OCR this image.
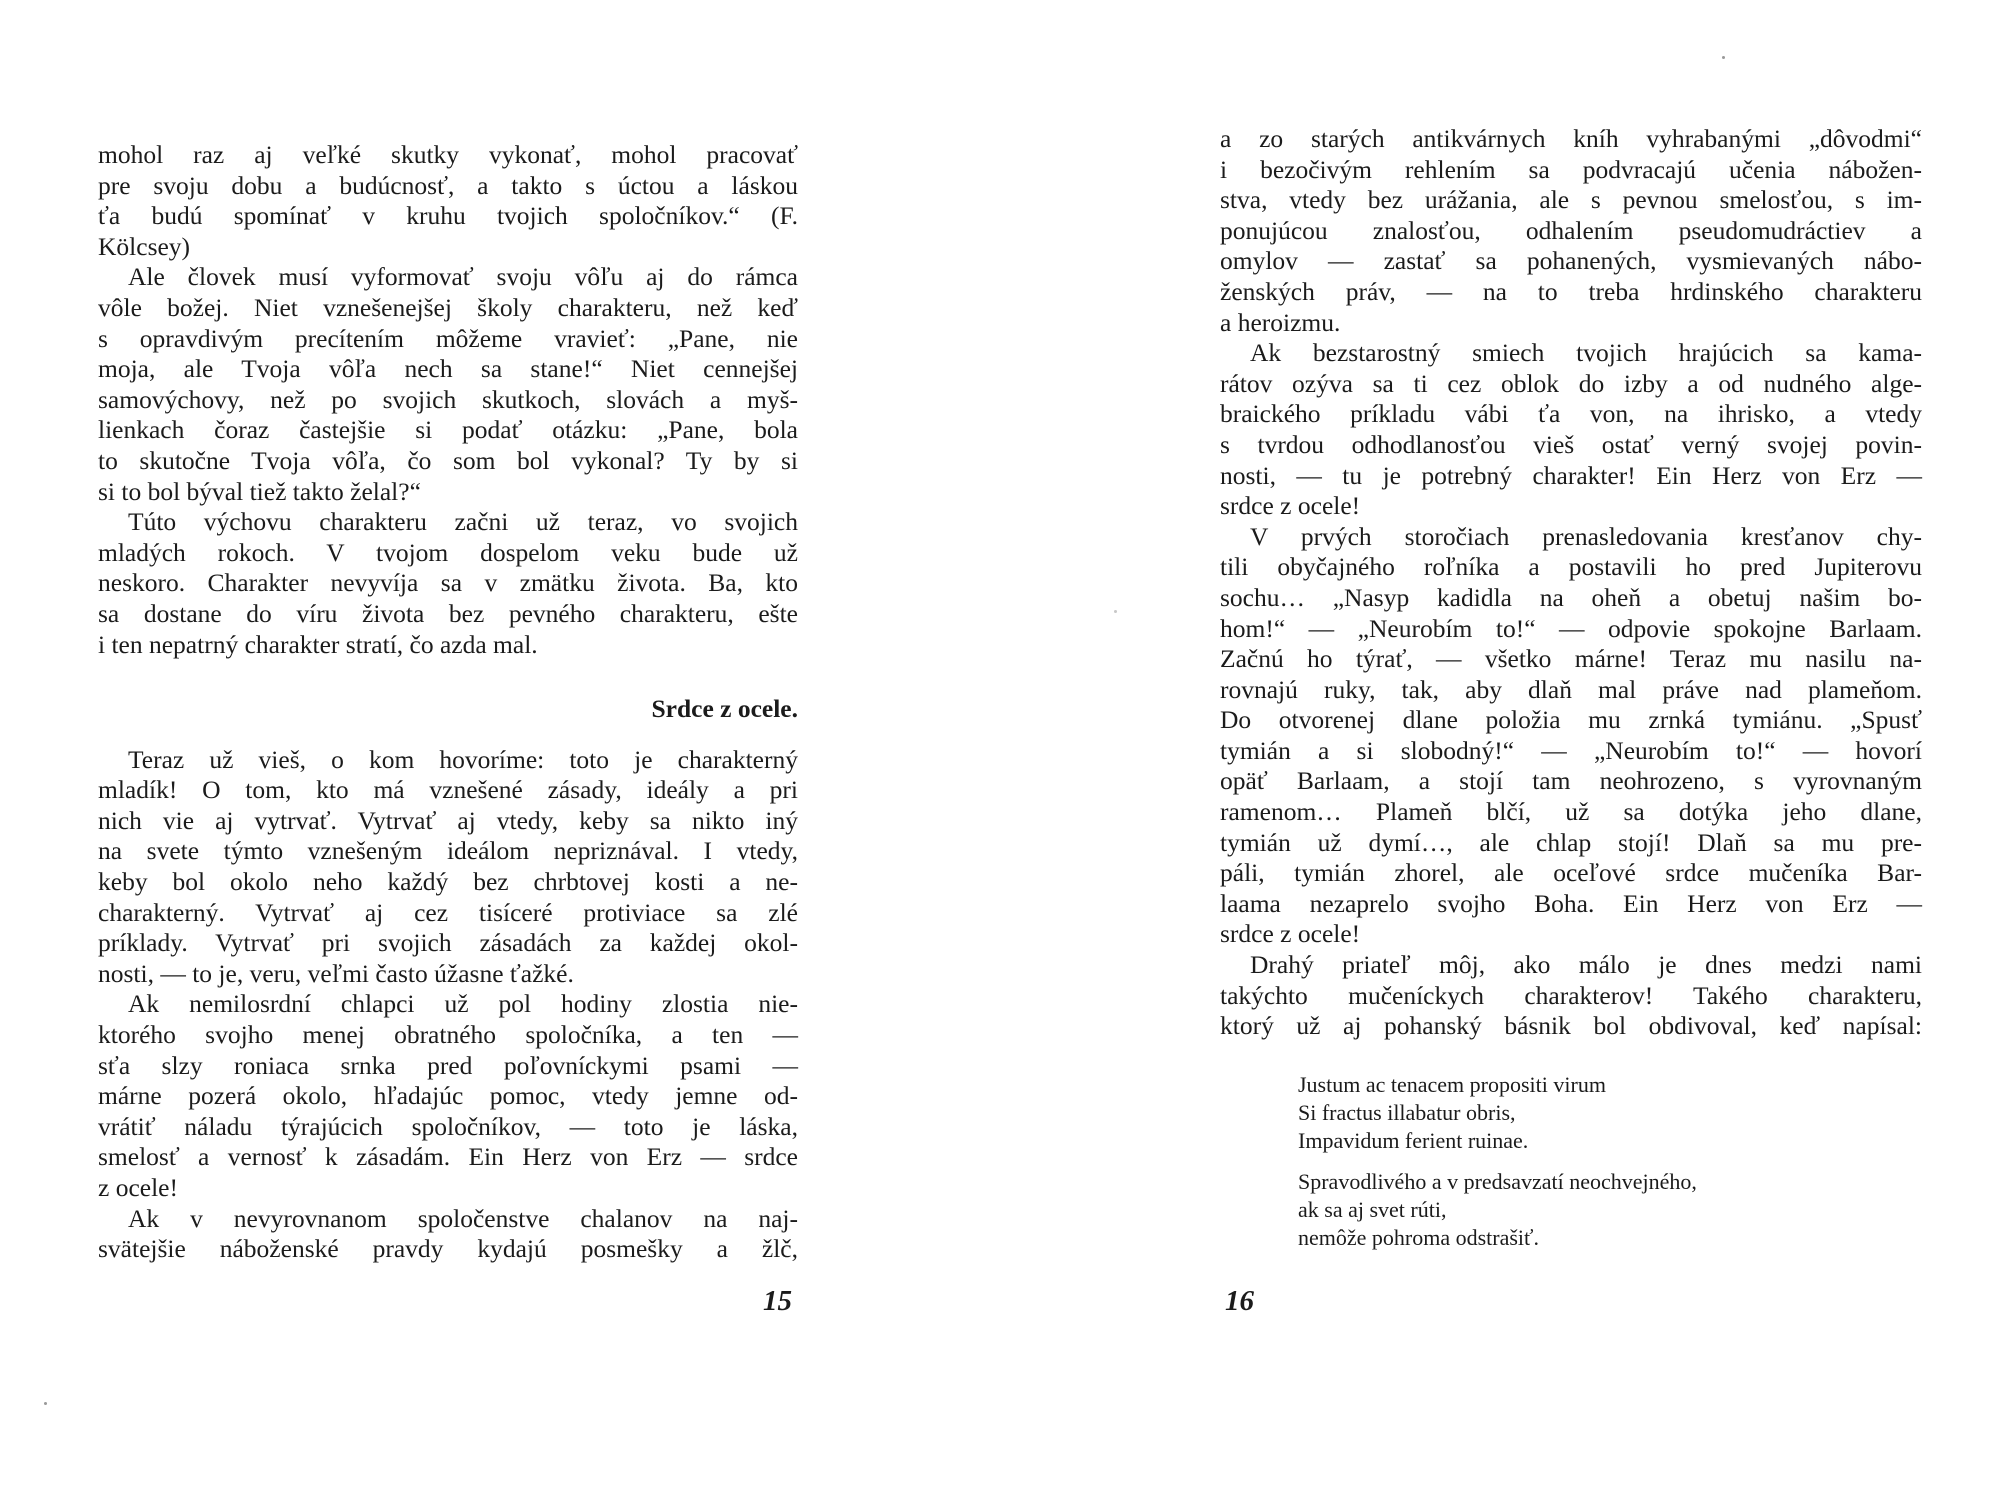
mohol raz aj veľké skutky vykonať, mohol pracovať
pre svoju dobu a budúcnosť, a takto s úctou a láskou
ťa budú spomínať v kruhu tvojich spoločníkov.“ (F.
Kölcsey)
Ale človek musí vyformovať svoju vôľu aj do rámca
vôle božej. Niet vznešenejšej školy charakteru, než keď
s opravdivým precítením môžeme vravieť: „Pane, nie
moja, ale Tvoja vôľa nech sa stane!“ Niet cennejšej
samovýchovy, než po svojich skutkoch, slovách a myš-
lienkach čoraz častejšie si podať otázku: „Pane, bola
to skutočne Tvoja vôľa, čo som bol vykonal? Ty by si
si to bol býval tiež takto želal?“
Túto výchovu charakteru začni už teraz, vo svojich
mladých rokoch. V tvojom dospelom veku bude už
neskoro. Charakter nevyvíja sa v zmätku života. Ba, kto
sa dostane do víru života bez pevného charakteru, ešte
i ten nepatrný charakter stratí, čo azda mal.
Srdce z ocele.
Teraz už vieš, o kom hovoríme: toto je charakterný
mladík! O tom, kto má vznešené zásady, ideály a pri
nich vie aj vytrvať. Vytrvať aj vtedy, keby sa nikto iný
na svete týmto vznešeným ideálom nepriznával. I vtedy,
keby bol okolo neho každý bez chrbtovej kosti a ne-
charakterný. Vytrvať aj cez tisíceré protiviace sa zlé
príklady. Vytrvať pri svojich zásadách za každej okol-
nosti, — to je, veru, veľmi často úžasne ťažké.
Ak nemilosrdní chlapci už pol hodiny zlostia nie-
ktorého svojho menej obratného spoločníka, a ten —
sťa slzy roniaca srnka pred poľovníckymi psami —
márne pozerá okolo, hľadajúc pomoc, vtedy jemne od-
vrátiť náladu týrajúcich spoločníkov, — toto je láska,
smelosť a vernosť k zásadám. Ein Herz von Erz — srdce
z ocele!
Ak v nevyrovnanom spoločenstve chalanov na naj-
svätejšie náboženské pravdy kydajú posmešky a žlč,
15
a zo starých antikvárnych kníh vyhrabanými „dôvodmi“
i bezočivým rehlením sa podvracajú učenia nábožen-
stva, vtedy bez urážania, ale s pevnou smelosťou, s im-
ponujúcou znalosťou, odhalením pseudomudráctiev a
omylov — zastať sa pohanených, vysmievaných nábo-
ženských práv, — na to treba hrdinského charakteru
a heroizmu.
Ak bezstarostný smiech tvojich hrajúcich sa kama-
rátov ozýva sa ti cez oblok do izby a od nudného alge-
braického príkladu vábi ťa von, na ihrisko, a vtedy
s tvrdou odhodlanosťou vieš ostať verný svojej povin-
nosti, — tu je potrebný charakter! Ein Herz von Erz —
srdce z ocele!
V prvých storočiach prenasledovania kresťanov chy-
tili obyčajného roľníka a postavili ho pred Jupiterovu
sochu… „Nasyp kadidla na oheň a obetuj našim bo-
hom!“ — „Neurobím to!“ — odpovie spokojne Barlaam.
Začnú ho týrať, — všetko márne! Teraz mu nasilu na-
rovnajú ruky, tak, aby dlaň mal práve nad plameňom.
Do otvorenej dlane položia mu zrnká tymiánu. „Spusť
tymián a si slobodný!“ — „Neurobím to!“ — hovorí
opäť Barlaam, a stojí tam neohrozeno, s vyrovnaným
ramenom… Plameň blčí, už sa dotýka jeho dlane,
tymián už dymí…, ale chlap stojí! Dlaň sa mu pre-
páli, tymián zhorel, ale oceľové srdce mučeníka Bar-
laama nezaprelo svojho Boha. Ein Herz von Erz —
srdce z ocele!
Drahý priateľ môj, ako málo je dnes medzi nami
takýchto mučeníckych charakterov! Takého charakteru,
ktorý už aj pohanský básnik bol obdivoval, keď napísal:
Justum ac tenacem propositi virum
Si fractus illabatur obris,
Impavidum ferient ruinae.
Spravodlivého a v predsavzatí neochvejného,
ak sa aj svet rúti,
nemôže pohroma odstrašiť.
16
